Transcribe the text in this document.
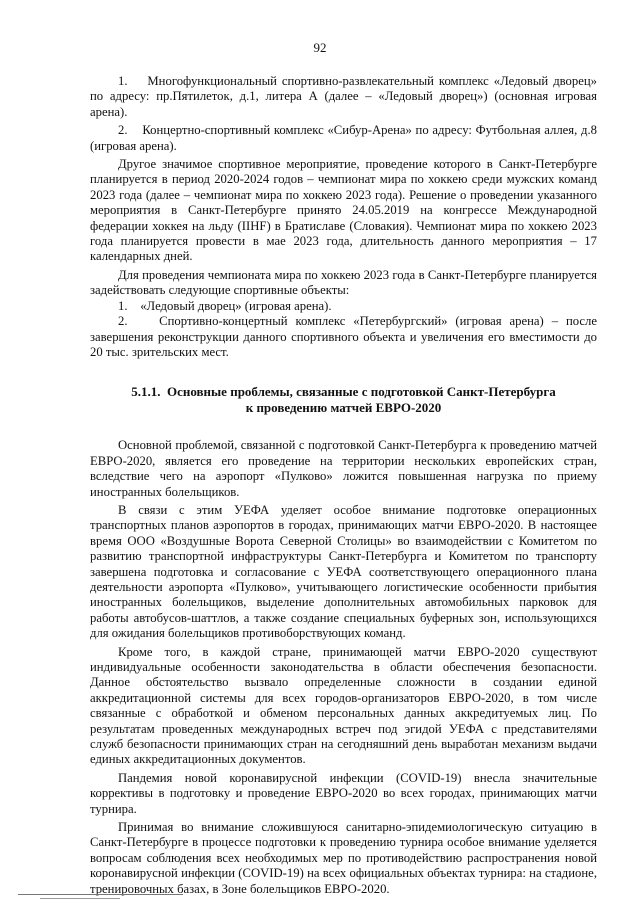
92

1.    Многофункциональный спортивно-развлекательный комплекс «Ледовый дворец» по адресу: пр.Пятилеток, д.1, литера А (далее – «Ледовый дворец») (основная игровая арена).

2.    Концертно-спортивный комплекс «Сибур-Арена» по адресу: Футбольная аллея, д.8 (игровая арена).

Другое значимое спортивное мероприятие, проведение которого в Санкт-Петербурге планируется в период 2020-2024 годов – чемпионат мира по хоккею среди мужских команд 2023 года (далее – чемпионат мира по хоккею 2023 года). Решение о проведении указанного мероприятия в Санкт-Петербурге принято 24.05.2019 на конгрессе Международной федерации хоккея на льду (IIHF) в Братиславе (Словакия). Чемпионат мира по хоккею 2023 года планируется провести в мае 2023 года, длительность данного мероприятия – 17 календарных дней.

Для проведения чемпионата мира по хоккею 2023 года в Санкт-Петербурге планируется задействовать следующие спортивные объекты:

1.    «Ледовый дворец» (игровая арена).

2.    Спортивно-концертный комплекс «Петербургский» (игровая арена) – после завершения реконструкции данного спортивного объекта и увеличения его вместимости до 20 тыс. зрительских мест.

5.1.1.  Основные проблемы, связанные с подготовкой Санкт-Петербурга
к проведению матчей ЕВРО-2020

Основной проблемой, связанной с подготовкой Санкт-Петербурга к проведению матчей ЕВРО-2020, является его проведение на территории нескольких европейских стран, вследствие чего на аэропорт «Пулково» ложится повышенная нагрузка по приему иностранных болельщиков.

В связи с этим УЕФА уделяет особое внимание подготовке операционных транспортных планов аэропортов в городах, принимающих матчи ЕВРО-2020. В настоящее время ООО «Воздушные Ворота Северной Столицы» во взаимодействии с Комитетом по развитию транспортной инфраструктуры Санкт-Петербурга и Комитетом по транспорту завершена подготовка и согласование с УЕФА соответствующего операционного плана деятельности аэропорта «Пулково», учитывающего логистические особенности прибытия иностранных болельщиков, выделение дополнительных автомобильных парковок для работы автобусов-шаттлов, а также создание специальных буферных зон, использующихся для ожидания болельщиков противоборствующих команд.

Кроме того, в каждой стране, принимающей матчи ЕВРО-2020 существуют индивидуальные особенности законодательства в области обеспечения безопасности. Данное обстоятельство вызвало определенные сложности в создании единой аккредитационной системы для всех городов-организаторов ЕВРО-2020, в том числе связанные с обработкой и обменом персональных данных аккредитуемых лиц. По результатам проведенных международных встреч под эгидой УЕФА с представителями служб безопасности принимающих стран на сегодняшний день выработан механизм выдачи единых аккредитационных документов.

Пандемия новой коронавирусной инфекции (COVID-19) внесла значительные коррективы в подготовку и проведение ЕВРО-2020 во всех городах, принимающих матчи турнира.

Принимая во внимание сложившуюся санитарно-эпидемиологическую ситуацию в Санкт-Петербурге в процессе подготовки к проведению турнира особое внимание уделяется вопросам соблюдения всех необходимых мер по противодействию распространения новой коронавирусной инфекции (COVID-19) на всех официальных объектах турнира: на стадионе, тренировочных базах, в Зоне болельщиков ЕВРО-2020.
